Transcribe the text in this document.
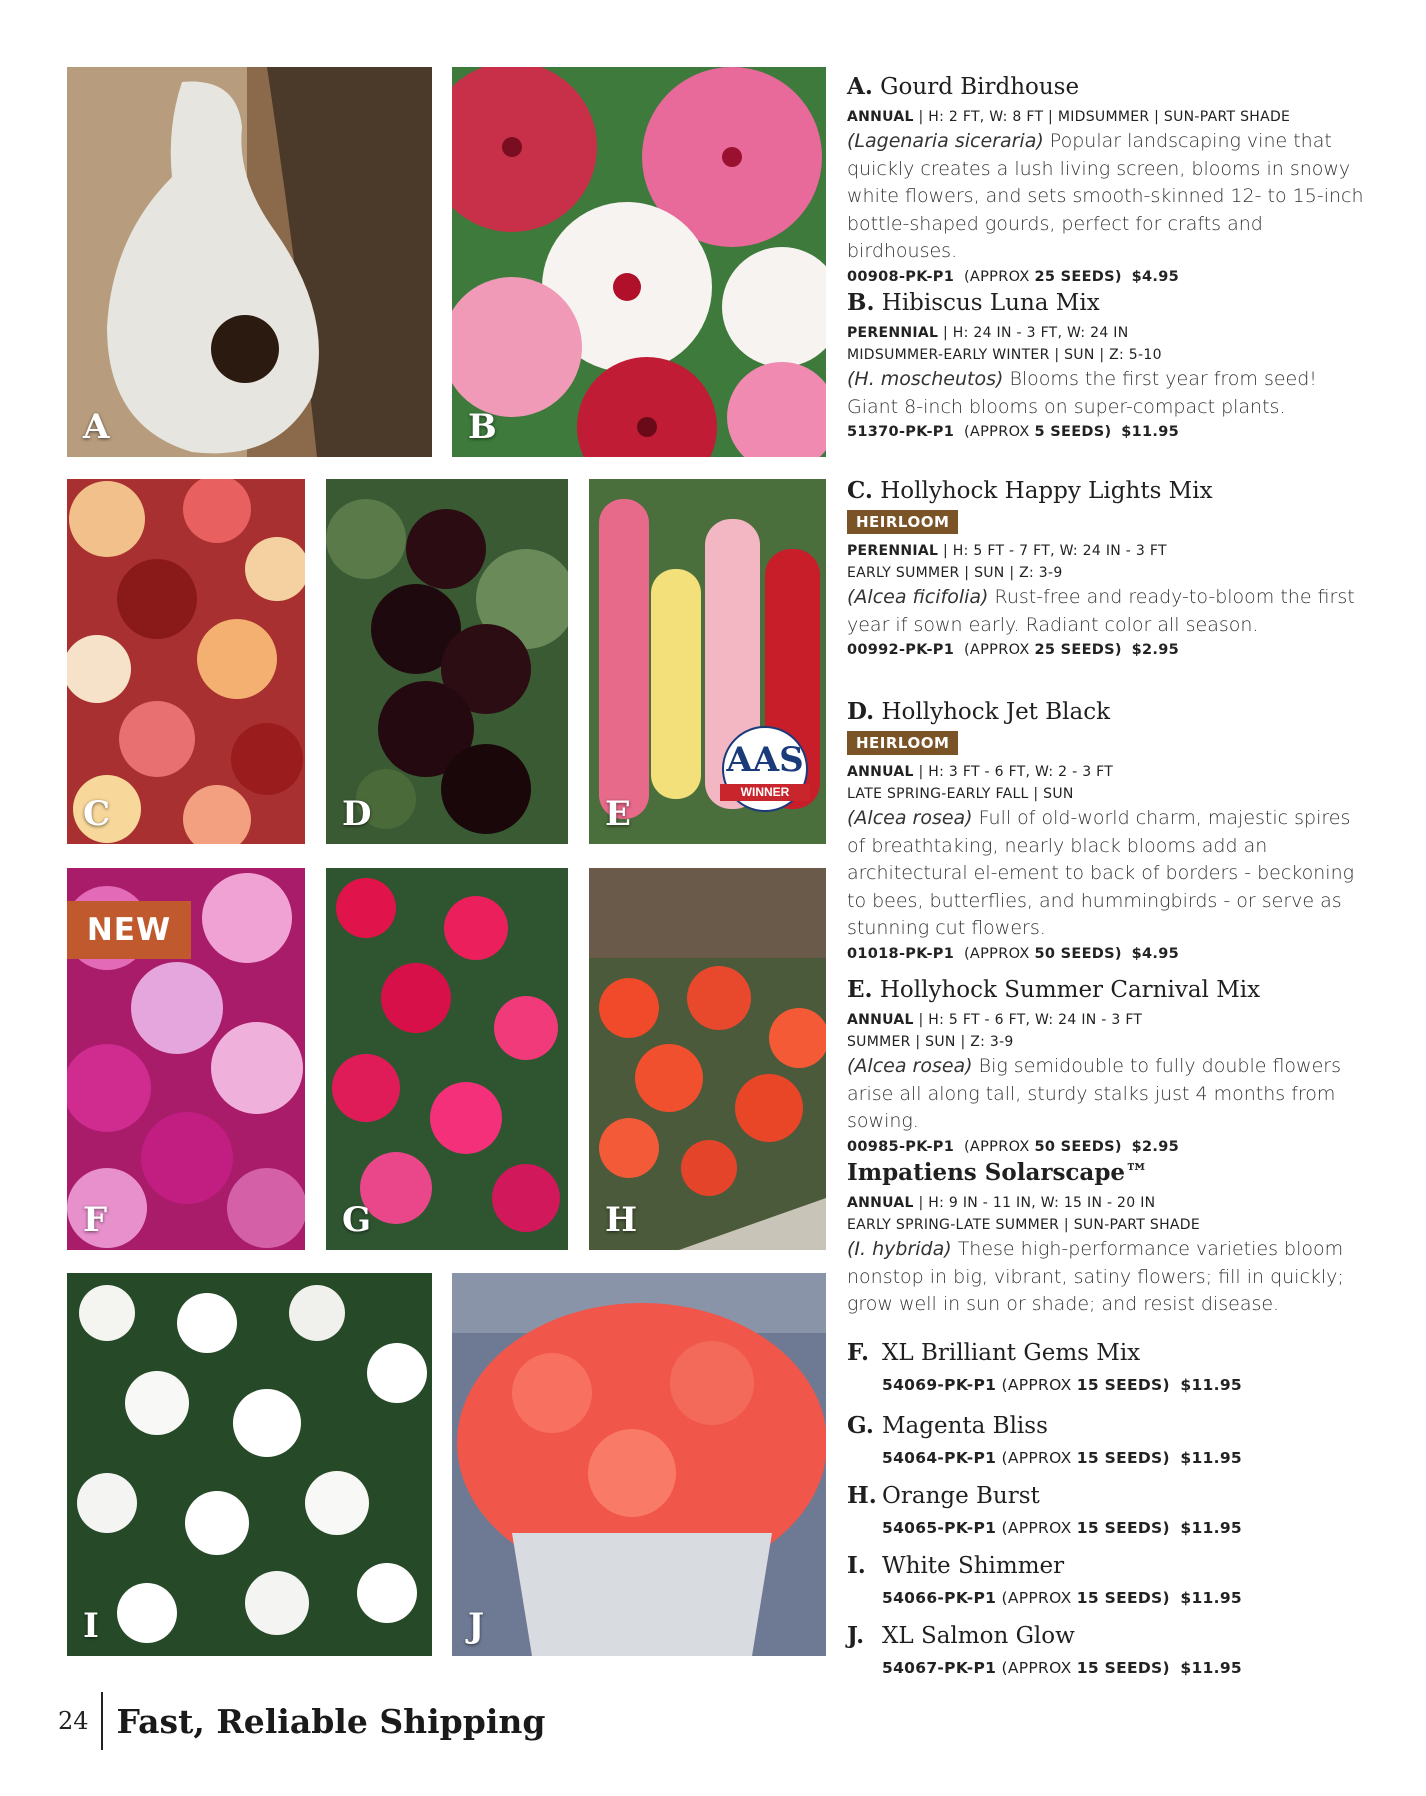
A	B
C	D
AAS
WINNER
E
NEW
F	G	H
I	J
A. Gourd Birdhouse
ANNUAL | H: 2 FT, W: 8 FT | MIDSUMMER | SUN-PART SHADE
(Lagenaria siceraria) Popular landscaping vine that quickly creates a lush living screen, blooms in snowy white flowers, and sets smooth-skinned 12- to 15-inch bottle-shaped gourds, perfect for crafts and birdhouses.
00908-PK-P1 (APPROX 25 SEEDS) $4.95
B. Hibiscus Luna Mix
PERENNIAL | H: 24 IN - 3 FT, W: 24 IN
MIDSUMMER-EARLY WINTER | SUN | Z: 5-10
(H. moscheutos) Blooms the first year from seed! Giant 8-inch blooms on super-compact plants.
51370-PK-P1 (APPROX 5 SEEDS) $11.95
C. Hollyhock Happy Lights Mix
HEIRLOOM
PERENNIAL | H: 5 FT - 7 FT, W: 24 IN - 3 FT
EARLY SUMMER | SUN | Z: 3-9
(Alcea ficifolia) Rust-free and ready-to-bloom the first year if sown early. Radiant color all season.
00992-PK-P1 (APPROX 25 SEEDS) $2.95
D. Hollyhock Jet Black
HEIRLOOM
ANNUAL | H: 3 FT - 6 FT, W: 2 - 3 FT
LATE SPRING-EARLY FALL | SUN
(Alcea rosea) Full of old-world charm, majestic spires of breathtaking, nearly black blooms add an architectural el-ement to back of borders - beckoning to bees, butterflies, and hummingbirds - or serve as stunning cut flowers.
01018-PK-P1 (APPROX 50 SEEDS) $4.95
E. Hollyhock Summer Carnival Mix
ANNUAL | H: 5 FT - 6 FT, W: 24 IN - 3 FT
SUMMER | SUN | Z: 3-9
(Alcea rosea) Big semidouble to fully double flowers arise all along tall, sturdy stalks just 4 months from sowing.
00985-PK-P1 (APPROX 50 SEEDS) $2.95
Impatiens Solarscape™
ANNUAL | H: 9 IN - 11 IN, W: 15 IN - 20 IN
EARLY SPRING-LATE SUMMER | SUN-PART SHADE
(I. hybrida) These high-performance varieties bloom nonstop in big, vibrant, satiny flowers; fill in quickly; grow well in sun or shade; and resist disease.
F. XL Brilliant Gems Mix
54069-PK-P1 (APPROX 15 SEEDS) $11.95
G. Magenta Bliss
54064-PK-P1 (APPROX 15 SEEDS) $11.95
H. Orange Burst
54065-PK-P1 (APPROX 15 SEEDS) $11.95
I. White Shimmer
54066-PK-P1 (APPROX 15 SEEDS) $11.95
J. XL Salmon Glow
54067-PK-P1 (APPROX 15 SEEDS) $11.95
24 Fast, Reliable Shipping
